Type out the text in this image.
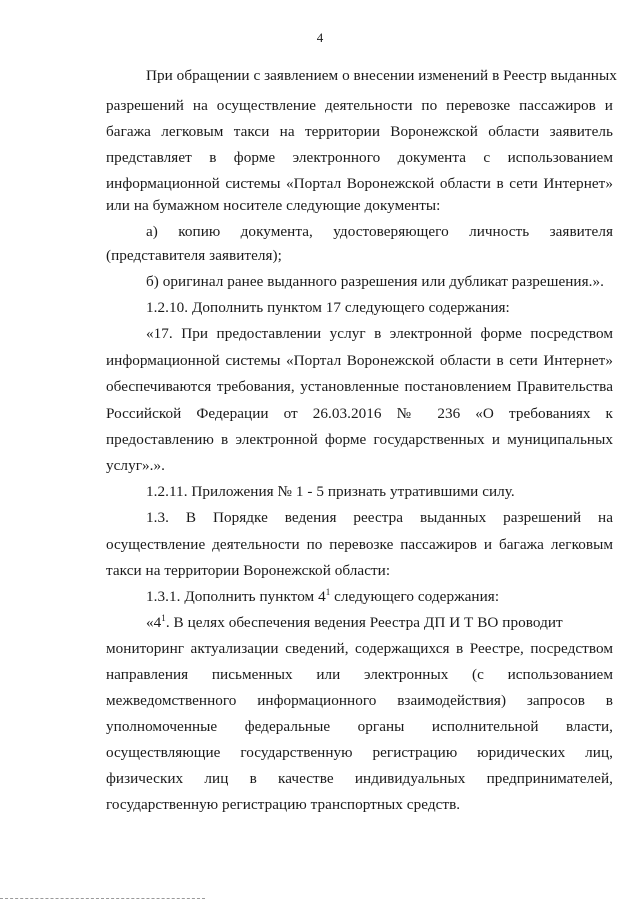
4
При обращении с заявлением о внесении изменений в Реестр выданных
разрешений на осуществление деятельности по перевозке пассажиров и
багажа легковым такси на территории Воронежской области заявитель
представляет в форме электронного документа с использованием
информационной системы «Портал Воронежской области в сети Интернет»
или на бумажном носителе следующие документы:
а) копию документа, удостоверяющего личность заявителя
(представителя заявителя);
б) оригинал ранее выданного разрешения или дубликат разрешения.».
1.2.10. Дополнить пунктом 17 следующего содержания:
«17. При предоставлении услуг в электронной форме посредством
информационной системы «Портал Воронежской области в сети Интернет»
обеспечиваются требования, установленные постановлением Правительства
Российской Федерации от 26.03.2016 № 236 «О требованиях к
предоставлению в электронной форме государственных и муниципальных
услуг».».
1.2.11. Приложения № 1 - 5 признать утратившими силу.
1.3. В Порядке ведения реестра выданных разрешений на
осуществление деятельности по перевозке пассажиров и багажа легковым
такси на территории Воронежской области:
1.3.1. Дополнить пунктом $4^1$ следующего содержания:
«$4^1$. В целях обеспечения ведения Реестра ДП И Т ВО проводит
мониторинг актуализации сведений, содержащихся в Реестре, посредством
направления письменных или электронных (с использованием
межведомственного информационного взаимодействия) запросов в
уполномоченные федеральные органы исполнительной власти,
осуществляющие государственную регистрацию юридических лиц,
физических лиц в качестве индивидуальных предпринимателей,
государственную регистрацию транспортных средств.
